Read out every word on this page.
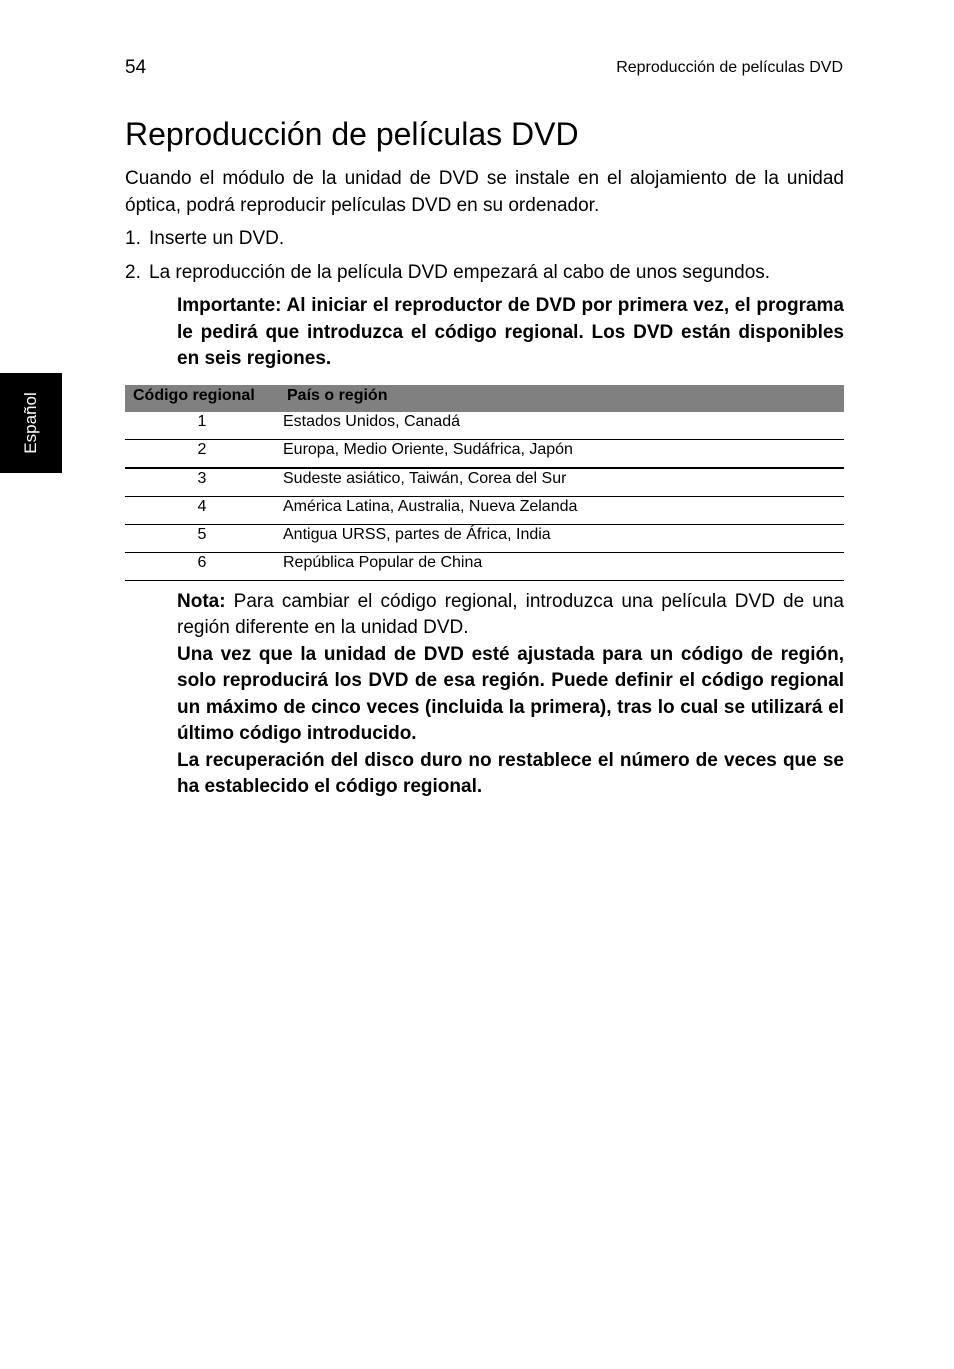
54	Reproducción de películas DVD
Español
Reproducción de películas DVD

Cuando el módulo de la unidad de DVD se instale en el alojamiento de la unidad óptica, podrá reproducir películas DVD en su ordenador.

1. Inserte un DVD.
2. La reproducción de la película DVD empezará al cabo de unos segundos.
Importante: Al iniciar el reproductor de DVD por primera vez, el programa le pedirá que introduzca el código regional. Los DVD están disponibles en seis regiones.
Código regional	País o región
1	Estados Unidos, Canadá
2	Europa, Medio Oriente, Sudáfrica, Japón
3	Sudeste asiático, Taiwán, Corea del Sur
4	América Latina, Australia, Nueva Zelanda
5	Antigua URSS, partes de África, India
6	República Popular de China
Nota: Para cambiar el código regional, introduzca una película DVD de una región diferente en la unidad DVD.
Una vez que la unidad de DVD esté ajustada para un código de región, solo reproducirá los DVD de esa región. Puede definir el código regional un máximo de cinco veces (incluida la primera), tras lo cual se utilizará el último código introducido.
La recuperación del disco duro no restablece el número de veces que se ha establecido el código regional.
